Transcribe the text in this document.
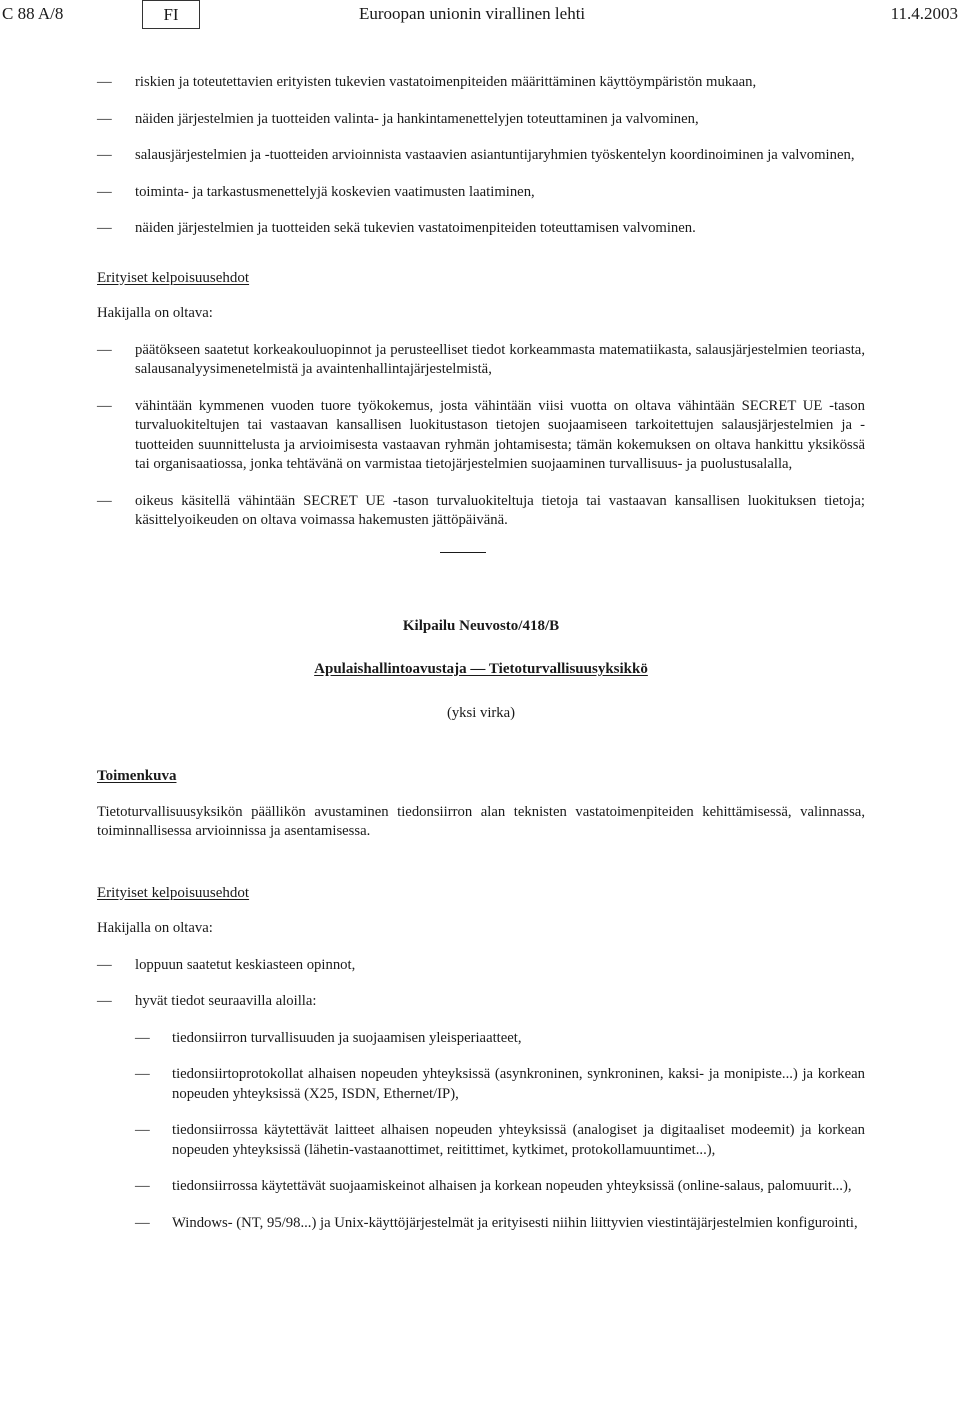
C 88 A/8	FI	Euroopan unionin virallinen lehti	11.4.2003
— riskien ja toteutettavien erityisten tukevien vastatoimenpiteiden määrittäminen käyttöympäristön mukaan,
— näiden järjestelmien ja tuotteiden valinta- ja hankintamenettelyjen toteuttaminen ja valvominen,
— salausjärjestelmien ja -tuotteiden arvioinnista vastaavien asiantuntijaryhmien työskentelyn koordinoiminen ja valvominen,
— toiminta- ja tarkastusmenettelyjä koskevien vaatimusten laatiminen,
— näiden järjestelmien ja tuotteiden sekä tukevien vastatoimenpiteiden toteuttamisen valvominen.

Erityiset kelpoisuusehdot

Hakijalla on oltava:

— päätökseen saatetut korkeakouluopinnot ja perusteelliset tiedot korkeammasta matematiikasta, salausjärjestelmien teoriasta, salausanalyysimenetelmistä ja avaintenhallintajärjestelmistä,
— vähintään kymmenen vuoden tuore työkokemus, josta vähintään viisi vuotta on oltava vähintään SECRET UE -tason turvaluokiteltujen tai vastaavan kansallisen luokitustason tietojen suojaamiseen tarkoitettujen salausjärjestelmien ja -tuotteiden suunnittelusta ja arvioimisesta vastaavan ryhmän johtamisesta; tämän kokemuksen on oltava hankittu yksikössä tai organisaatiossa, jonka tehtävänä on varmistaa tietojärjestelmien suojaaminen turvallisuus- ja puolustusalalla,
— oikeus käsitellä vähintään SECRET UE -tason turvaluokiteltuja tietoja tai vastaavan kansallisen luokituksen tietoja; käsittelyoikeuden on oltava voimassa hakemusten jättöpäivänä.

Kilpailu Neuvosto/418/B

Apulaishallintoavustaja — Tietoturvallisuusyksikkö

(yksi virka)

Toimenkuva

Tietoturvallisuusyksikön päällikön avustaminen tiedonsiirron alan teknisten vastatoimenpiteiden kehittämisessä, valinnassa, toiminnallisessa arvioinnissa ja asentamisessa.

Erityiset kelpoisuusehdot

Hakijalla on oltava:

— loppuun saatetut keskiasteen opinnot,
— hyvät tiedot seuraavilla aloilla:
— tiedonsiirron turvallisuuden ja suojaamisen yleisperiaatteet,
— tiedonsiirtoprotokollat alhaisen nopeuden yhteyksissä (asynkroninen, synkroninen, kaksi- ja monipiste...) ja korkean nopeuden yhteyksissä (X25, ISDN, Ethernet/IP),
— tiedonsiirrossa käytettävät laitteet alhaisen nopeuden yhteyksissä (analogiset ja digitaaliset modeemit) ja korkean nopeuden yhteyksissä (lähetin-vastaanottimet, reitittimet, kytkimet, protokollamuuntimet...),
— tiedonsiirrossa käytettävät suojaamiskeinot alhaisen ja korkean nopeuden yhteyksissä (online-salaus, palomuurit...),
— Windows- (NT, 95/98...) ja Unix-käyttöjärjestelmät ja erityisesti niihin liittyvien viestintäjärjestelmien konfigurointi,
